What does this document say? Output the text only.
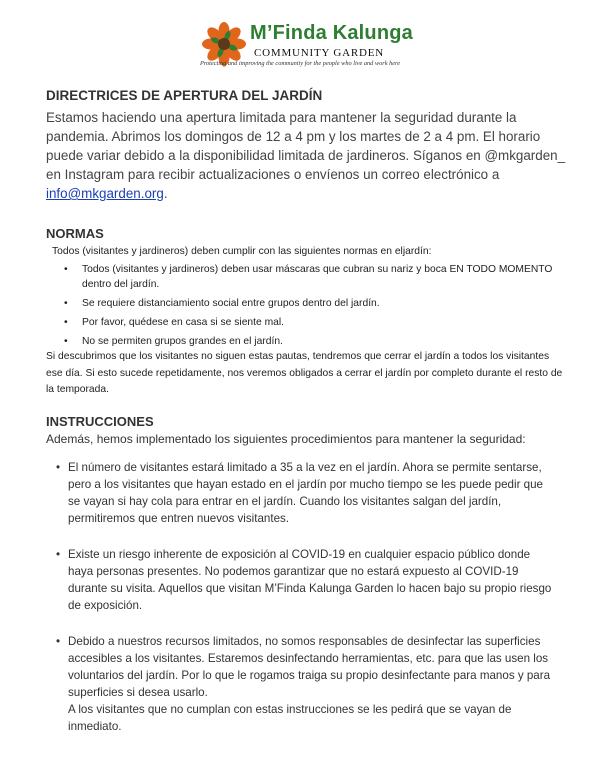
M’Finda Kalunga
COMMUNITY GARDEN
Protecting and improving the community for the people who live and work here
DIRECTRICES DE APERTURA DEL JARDÍN
Estamos haciendo una apertura limitada para mantener la seguridad durante la pandemia. Abrimos los domingos de 12 a 4 pm y los martes de 2 a 4 pm. El horario puede variar debido a la disponibilidad limitada de jardineros. Síganos en @mkgarden_ en Instagram para recibir actualizaciones o envíenos un correo electrónico a info@mkgarden.org.
NORMAS
Todos (visitantes y jardineros) deben cumplir con las siguientes normas en eljardín:
• Todos (visitantes y jardineros) deben usar máscaras que cubran su nariz y boca EN TODO MOMENTO dentro del jardín.
• Se requiere distanciamiento social entre grupos dentro del jardín.
• Por favor, quédese en casa si se siente mal.
• No se permiten grupos grandes en el jardín.
Si descubrimos que los visitantes no siguen estas pautas, tendremos que cerrar el jardín a todos los visitantes ese día. Si esto sucede repetidamente, nos veremos obligados a cerrar el jardín por completo durante el resto de la temporada.
INSTRUCCIONES
Además, hemos implementado los siguientes procedimientos para mantener la seguridad:
• El número de visitantes estará limitado a 35 a la vez en el jardín. Ahora se permite sentarse, pero a los visitantes que hayan estado en el jardín por mucho tiempo se les puede pedir que se vayan si hay cola para entrar en el jardín. Cuando los visitantes salgan del jardín, permitiremos que entren nuevos visitantes.
• Existe un riesgo inherente de exposición al COVID-19 en cualquier espacio público donde haya personas presentes. No podemos garantizar que no estará expuesto al COVID-19 durante su visita. Aquellos que visitan M’Finda Kalunga Garden lo hacen bajo su propio riesgo de exposición.
• Debido a nuestros recursos limitados, no somos responsables de desinfectar las superficies accesibles a los visitantes. Estaremos desinfectando herramientas, etc. para que las usen los voluntarios del jardín. Por lo que le rogamos traiga su propio desinfectante para manos y para superficies si desea usarlo.
A los visitantes que no cumplan con estas instrucciones se les pedirá que se vayan de inmediato.
